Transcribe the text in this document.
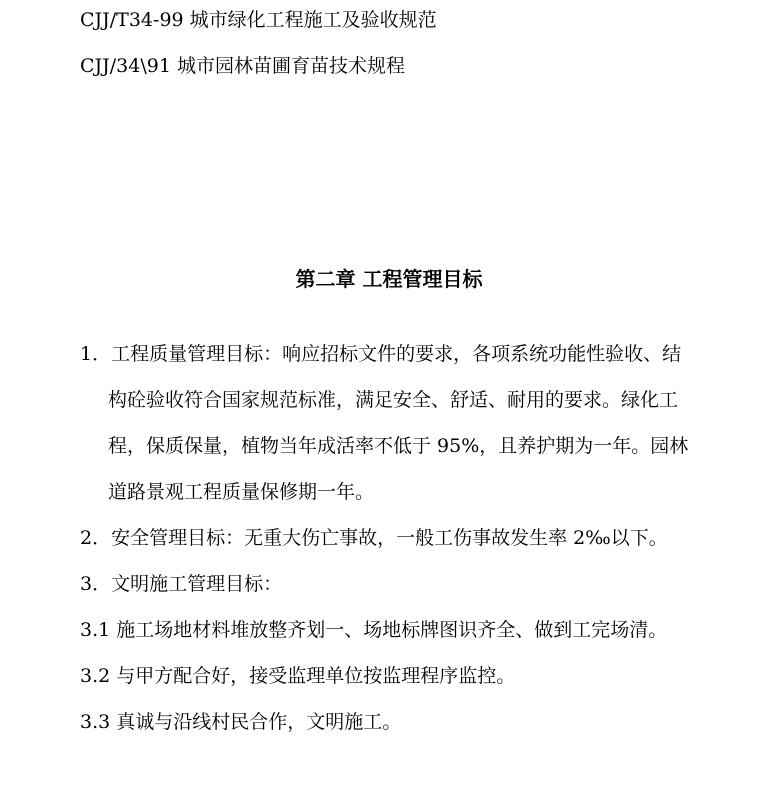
CJJ/T34-99 城市绿化工程施工及验收规范
CJJ/34\91 城市园林苗圃育苗技术规程
第二章 工程管理目标
1．工程质量管理目标：响应招标文件的要求，各项系统功能性验收、结
构砼验收符合国家规范标准，满足安全、舒适、耐用的要求。绿化工
程，保质保量，植物当年成活率不低于 95%，且养护期为一年。园林
道路景观工程质量保修期一年。
2．安全管理目标：无重大伤亡事故，一般工伤事故发生率 2‰以下。
3．文明施工管理目标：
3.1 施工场地材料堆放整齐划一、场地标牌图识齐全、做到工完场清。
3.2 与甲方配合好，接受监理单位按监理程序监控。
3.3 真诚与沿线村民合作，文明施工。
